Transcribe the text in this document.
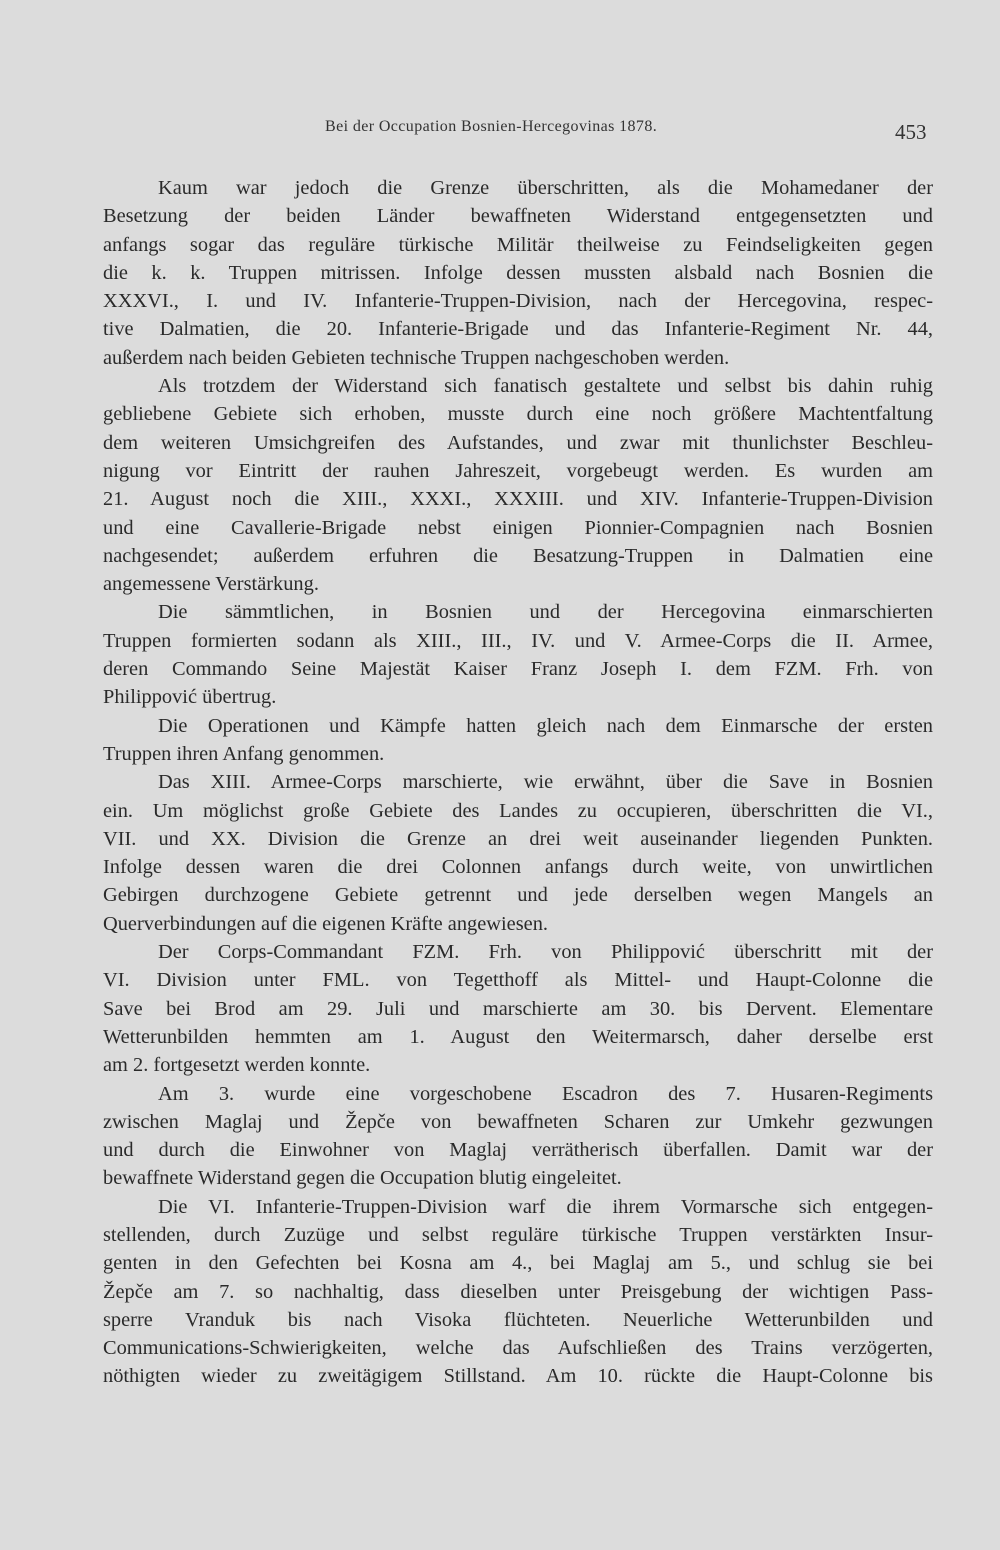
Bei der Occupation Bosnien-Hercegovinas 1878.	453
Kaum war jedoch die Grenze überschritten, als die Mohamedaner der
Besetzung der beiden Länder bewaffneten Widerstand entgegensetzten und
anfangs sogar das reguläre türkische Militär theilweise zu Feindseligkeiten gegen
die k. k. Truppen mitrissen. Infolge dessen mussten alsbald nach Bosnien die
XXXVI., I. und IV. Infanterie-Truppen-Division, nach der Hercegovina, respec-
tive Dalmatien, die 20. Infanterie-Brigade und das Infanterie-Regiment Nr. 44,
außerdem nach beiden Gebieten technische Truppen nachgeschoben werden.
Als trotzdem der Widerstand sich fanatisch gestaltete und selbst bis dahin ruhig
gebliebene Gebiete sich erhoben, musste durch eine noch größere Machtentfaltung
dem weiteren Umsichgreifen des Aufstandes, und zwar mit thunlichster Beschleu-
nigung vor Eintritt der rauhen Jahreszeit, vorgebeugt werden. Es wurden am
21. August noch die XIII., XXXI., XXXIII. und XIV. Infanterie-Truppen-Division
und eine Cavallerie-Brigade nebst einigen Pionnier-Compagnien nach Bosnien
nachgesendet; außerdem erfuhren die Besatzung-Truppen in Dalmatien eine
angemessene Verstärkung.
Die sämmtlichen, in Bosnien und der Hercegovina einmarschierten
Truppen formierten sodann als XIII., III., IV. und V. Armee-Corps die II. Armee,
deren Commando Seine Majestät Kaiser Franz Joseph I. dem FZM. Frh. von
Philippović übertrug.
Die Operationen und Kämpfe hatten gleich nach dem Einmarsche der ersten
Truppen ihren Anfang genommen.
Das XIII. Armee-Corps marschierte, wie erwähnt, über die Save in Bosnien
ein. Um möglichst große Gebiete des Landes zu occupieren, überschritten die VI.,
VII. und XX. Division die Grenze an drei weit auseinander liegenden Punkten.
Infolge dessen waren die drei Colonnen anfangs durch weite, von unwirtlichen
Gebirgen durchzogene Gebiete getrennt und jede derselben wegen Mangels an
Querverbindungen auf die eigenen Kräfte angewiesen.
Der Corps-Commandant FZM. Frh. von Philippović überschritt mit der
VI. Division unter FML. von Tegetthoff als Mittel- und Haupt-Colonne die
Save bei Brod am 29. Juli und marschierte am 30. bis Dervent. Elementare
Wetterunbilden hemmten am 1. August den Weitermarsch, daher derselbe erst
am 2. fortgesetzt werden konnte.
Am 3. wurde eine vorgeschobene Escadron des 7. Husaren-Regiments
zwischen Maglaj und Žepče von bewaffneten Scharen zur Umkehr gezwungen
und durch die Einwohner von Maglaj verrätherisch überfallen. Damit war der
bewaffnete Widerstand gegen die Occupation blutig eingeleitet.
Die VI. Infanterie-Truppen-Division warf die ihrem Vormarsche sich entgegen-
stellenden, durch Zuzüge und selbst reguläre türkische Truppen verstärkten Insur-
genten in den Gefechten bei Kosna am 4., bei Maglaj am 5., und schlug sie bei
Žepče am 7. so nachhaltig, dass dieselben unter Preisgebung der wichtigen Pass-
sperre Vranduk bis nach Visoka flüchteten. Neuerliche Wetterunbilden und
Communications-Schwierigkeiten, welche das Aufschließen des Trains verzögerten,
nöthigten wieder zu zweitägigem Stillstand. Am 10. rückte die Haupt-Colonne bis
